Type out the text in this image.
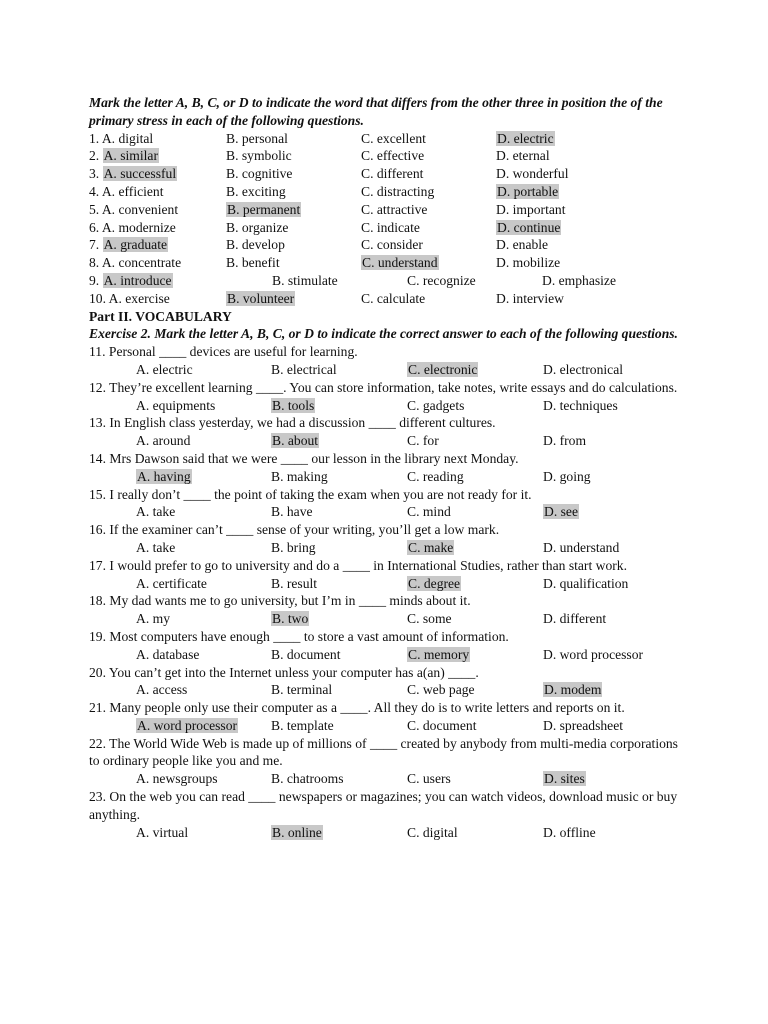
Mark the letter A, B, C, or D to indicate the word that differs from the other three in position the of the primary stress in each of the following questions.
1. A. digital	B. personal	C. excellent	D. electric
2. A. similar	B. symbolic	C. effective	D. eternal
3. A. successful	B. cognitive	C. different	D. wonderful
4. A. efficient	B. exciting	C. distracting	D. portable
5. A. convenient	B. permanent	C. attractive	D. important
6. A. modernize	B. organize	C. indicate	D. continue
7. A. graduate	B. develop	C. consider	D. enable
8. A. concentrate	B. benefit	C. understand	D. mobilize
9. A. introduce	B. stimulate	C. recognize	D. emphasize
10. A. exercise	B. volunteer	C. calculate	D. interview
Part II. VOCABULARY
Exercise 2. Mark the letter A, B, C, or D to indicate the correct answer to each of the following questions.
11. Personal ____ devices are useful for learning.
A. electric	B. electrical	C. electronic	D. electronical
12. They’re excellent learning ____. You can store information, take notes, write essays and do calculations.
A. equipments	B. tools	C. gadgets	D. techniques
13. In English class yesterday, we had a discussion ____ different cultures.
A. around	B. about	C. for	D. from
14. Mrs Dawson said that we were ____ our lesson in the library next Monday.
A. having	B. making	C. reading	D. going
15. I really don’t ____ the point of taking the exam when you are not ready for it.
A. take	B. have	C. mind	D. see
16. If the examiner can’t ____ sense of your writing, you’ll get a low mark.
A. take	B. bring	C. make	D. understand
17. I would prefer to go to university and do a ____ in International Studies, rather than start work.
A. certificate	B. result	C. degree	D. qualification
18. My dad wants me to go university, but I’m in ____ minds about it.
A. my	B. two	C. some	D. different
19. Most computers have enough ____ to store a vast amount of information.
A. database	B. document	C. memory	D. word processor
20. You can’t get into the Internet unless your computer has a(an) ____.
A. access	B. terminal	C. web page	D. modem
21. Many people only use their computer as a ____. All they do is to write letters and reports on it.
A. word processor	B. template	C. document	D. spreadsheet
22. The World Wide Web is made up of millions of ____ created by anybody from multi-media corporations to ordinary people like you and me.
A. newsgroups	B. chatrooms	C. users	D. sites
23. On the web you can read ____ newspapers or magazines; you can watch videos, download music or buy anything.
A. virtual	B. online	C. digital	D. offline
